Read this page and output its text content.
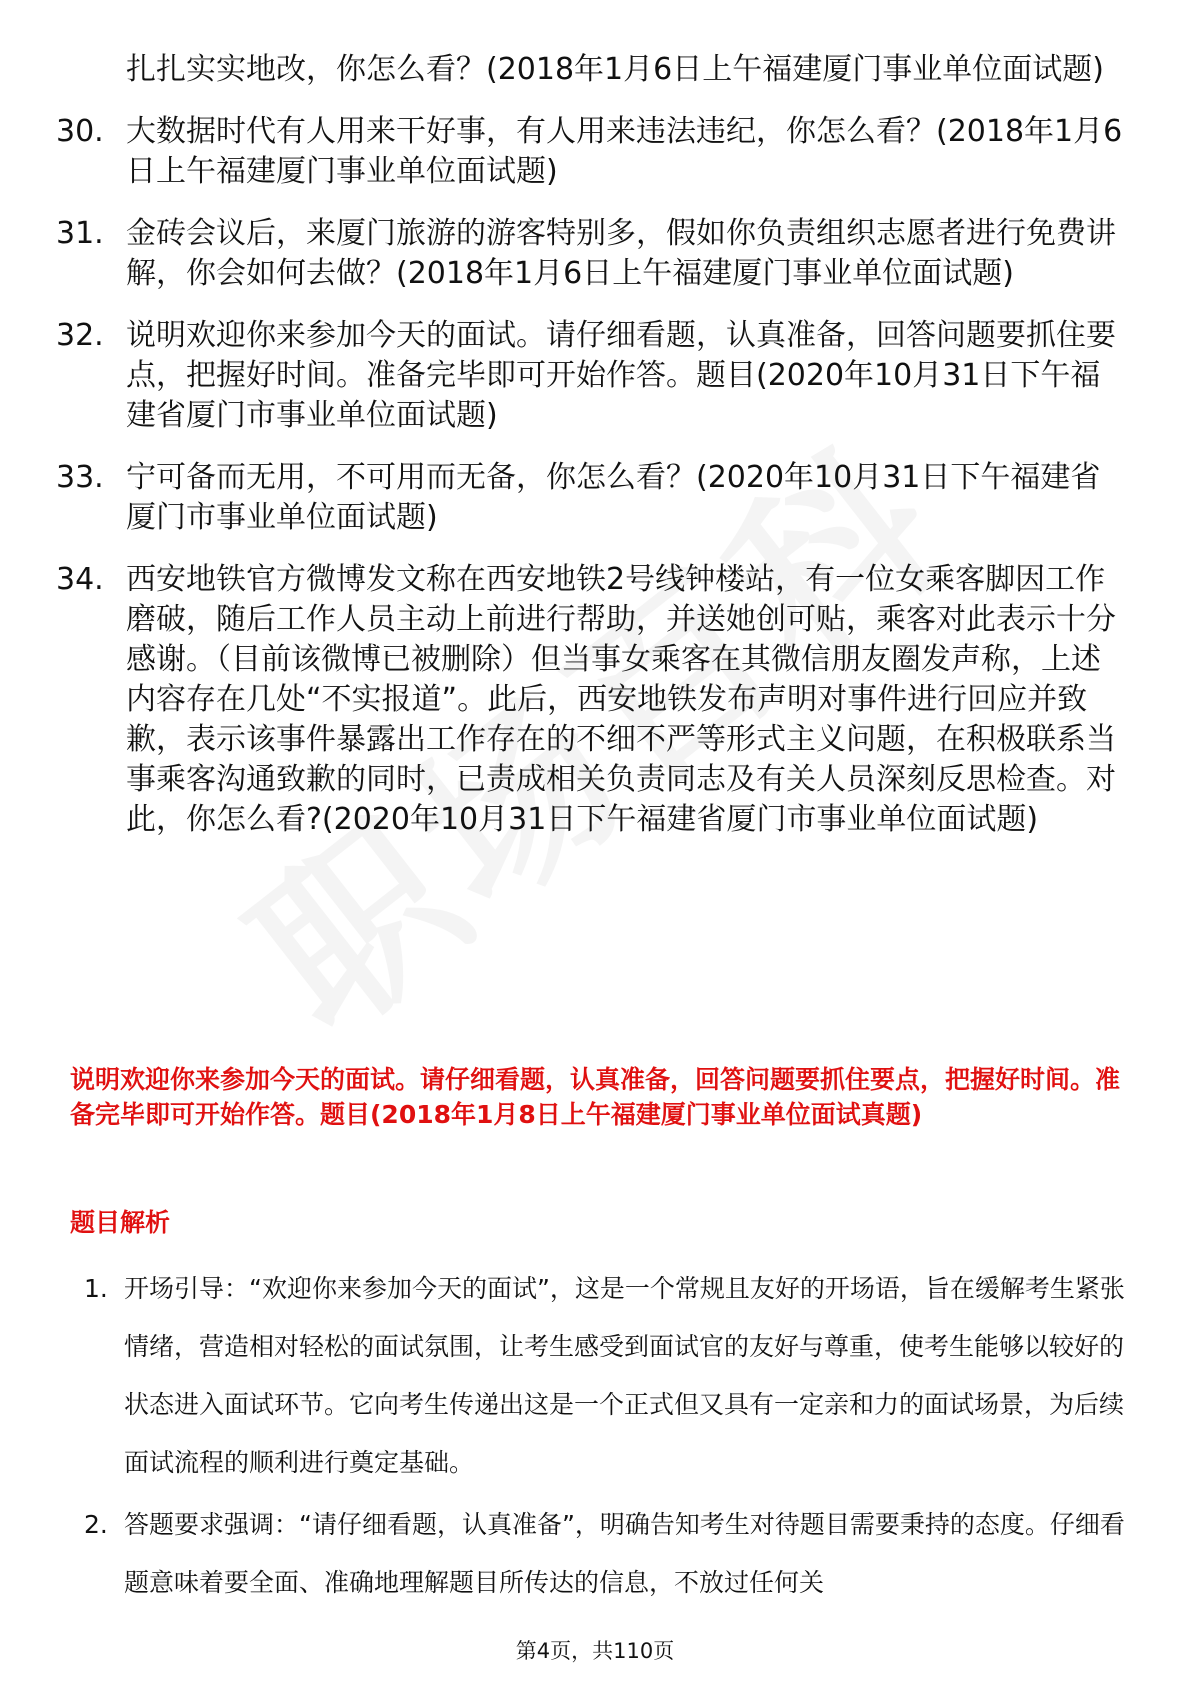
扎扎实实地改，你怎么看？(2018年1月6日上午福建厦门事业单位面试题)
30. 大数据时代有人用来干好事，有人用来违法违纪，你怎么看？(2018年1月6日上午福建厦门事业单位面试题)
31. 金砖会议后，来厦门旅游的游客特别多，假如你负责组织志愿者进行免费讲解，你会如何去做？(2018年1月6日上午福建厦门事业单位面试题)
32. 说明欢迎你来参加今天的面试。请仔细看题，认真准备，回答问题要抓住要点，把握好时间。准备完毕即可开始作答。题目(2020年10月31日下午福建省厦门市事业单位面试题)
33. 宁可备而无用，不可用而无备，你怎么看？(2020年10月31日下午福建省厦门市事业单位面试题)
34. 西安地铁官方微博发文称在西安地铁2号线钟楼站，有一位女乘客脚因工作磨破，随后工作人员主动上前进行帮助，并送她创可贴，乘客对此表示十分感谢。（目前该微博已被删除）但当事女乘客在其微信朋友圈发声称，上述内容存在几处“不实报道”。此后，西安地铁发布声明对事件进行回应并致歉，表示该事件暴露出工作存在的不细不严等形式主义问题，在积极联系当事乘客沟通致歉的同时，已责成相关负责同志及有关人员深刻反思检查。对此，你怎么看?(2020年10月31日下午福建省厦门市事业单位面试题)
说明欢迎你来参加今天的面试。请仔细看题，认真准备，回答问题要抓住要点，把握好时间。准备完毕即可开始作答。题目(2018年1月8日上午福建厦门事业单位面试真题)
题目解析
1. 开场引导：“欢迎你来参加今天的面试”，这是一个常规且友好的开场语，旨在缓解考生紧张情绪，营造相对轻松的面试氛围，让考生感受到面试官的友好与尊重，使考生能够以较好的状态进入面试环节。它向考生传递出这是一个正式但又具有一定亲和力的面试场景，为后续面试流程的顺利进行奠定基础。
2. 答题要求强调：“请仔细看题，认真准备”，明确告知考生对待题目需要秉持的态度。仔细看题意味着要全面、准确地理解题目所传达的信息，不放过任何关
第4页，共110页
